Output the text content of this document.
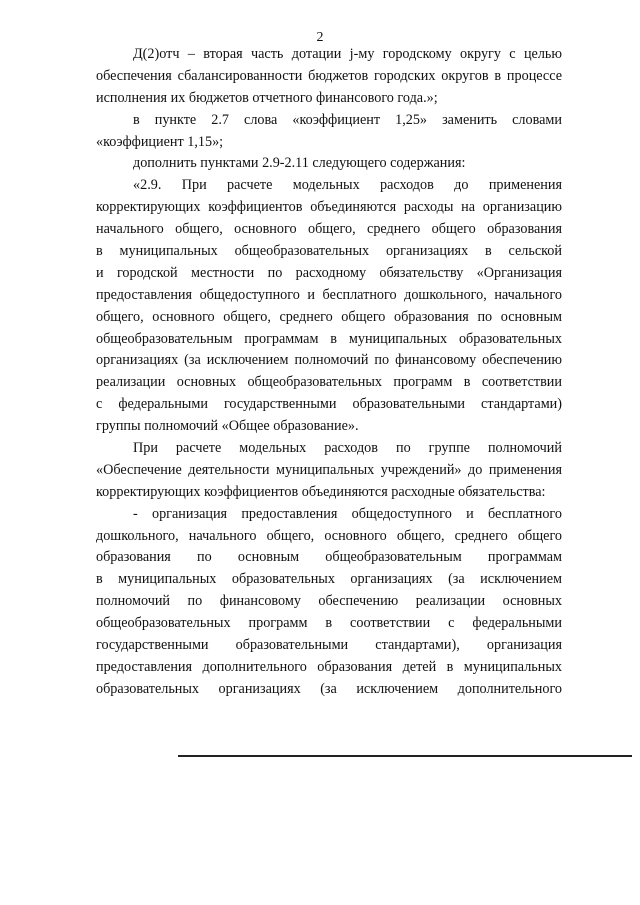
2
Д(2)отч – вторая часть дотации j-му городскому округу с целью
обеспечения сбалансированности бюджетов городских округов в процессе
исполнения их бюджетов отчетного финансового года.»;
в пункте 2.7 слова «коэффициент 1,25» заменить словами
«коэффициент 1,15»;
дополнить пунктами 2.9-2.11 следующего содержания:
«2.9. При расчете модельных расходов до применения
корректирующих коэффициентов объединяются расходы на организацию
начального общего, основного общего, среднего общего образования
в муниципальных общеобразовательных организациях в сельской
и городской местности по расходному обязательству «Организация
предоставления общедоступного и бесплатного дошкольного, начального
общего, основного общего, среднего общего образования по основным
общеобразовательным программам в муниципальных образовательных
организациях (за исключением полномочий по финансовому обеспечению
реализации основных общеобразовательных программ в соответствии
с федеральными государственными образовательными стандартами)
группы полномочий «Общее образование».
При расчете модельных расходов по группе полномочий
«Обеспечение деятельности муниципальных учреждений» до применения
корректирующих коэффициентов объединяются расходные обязательства:
- организация предоставления общедоступного и бесплатного
дошкольного, начального общего, основного общего, среднего общего
образования по основным общеобразовательным программам
в муниципальных образовательных организациях (за исключением
полномочий по финансовому обеспечению реализации основных
общеобразовательных программ в соответствии с федеральными
государственными образовательными стандартами), организация
предоставления дополнительного образования детей в муниципальных
образовательных организациях (за исключением дополнительного
